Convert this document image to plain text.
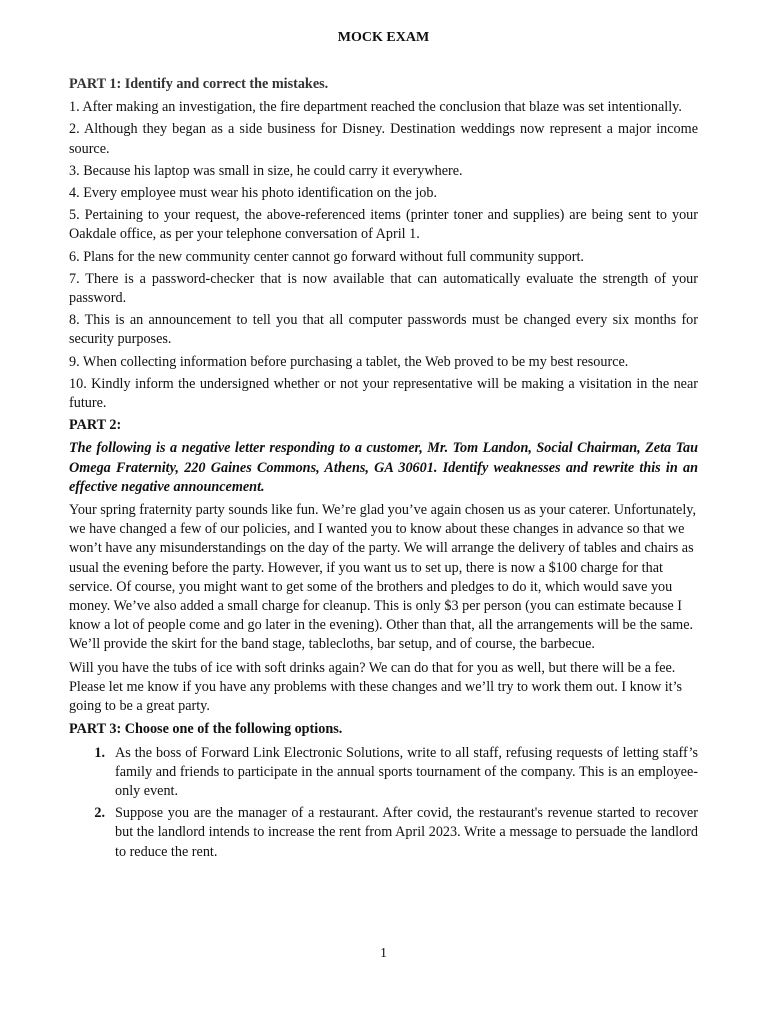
MOCK EXAM
PART 1: Identify and correct the mistakes.
1. After making an investigation, the fire department reached the conclusion that blaze was set intentionally.
2. Although they began as a side business for Disney. Destination weddings now represent a major income source.
3. Because his laptop was small in size, he could carry it everywhere.
4. Every employee must wear his photo identification on the job.
5. Pertaining to your request, the above-referenced items (printer toner and supplies) are being sent to your Oakdale office, as per your telephone conversation of April 1.
6. Plans for the new community center cannot go forward without full community support.
7. There is a password-checker that is now available that can automatically evaluate the strength of your password.
8. This is an announcement to tell you that all computer passwords must be changed every six months for security purposes.
9. When collecting information before purchasing a tablet, the Web proved to be my best resource.
10. Kindly inform the undersigned whether or not your representative will be making a visitation in the near future.
PART 2:
The following is a negative letter responding to a customer, Mr. Tom Landon, Social Chairman, Zeta Tau Omega Fraternity, 220 Gaines Commons, Athens, GA 30601. Identify weaknesses and rewrite this in an effective negative announcement.
Your spring fraternity party sounds like fun. We’re glad you’ve again chosen us as your caterer. Unfortunately, we have changed a few of our policies, and I wanted you to know about these changes in advance so that we won’t have any misunderstandings on the day of the party. We will arrange the delivery of tables and chairs as usual the evening before the party. However, if you want us to set up, there is now a $100 charge for that service. Of course, you might want to get some of the brothers and pledges to do it, which would save you money. We’ve also added a small charge for cleanup. This is only $3 per person (you can estimate because I know a lot of people come and go later in the evening). Other than that, all the arrangements will be the same. We’ll provide the skirt for the band stage, tablecloths, bar setup, and of course, the barbecue.
Will you have the tubs of ice with soft drinks again? We can do that for you as well, but there will be a fee. Please let me know if you have any problems with these changes and we’ll try to work them out. I know it’s going to be a great party.
PART 3: Choose one of the following options.
1. As the boss of Forward Link Electronic Solutions, write to all staff, refusing requests of letting staff’s family and friends to participate in the annual sports tournament of the company. This is an employee-only event.
2. Suppose you are the manager of a restaurant. After covid, the restaurant's revenue started to recover but the landlord intends to increase the rent from April 2023. Write a message to persuade the landlord to reduce the rent.
1
